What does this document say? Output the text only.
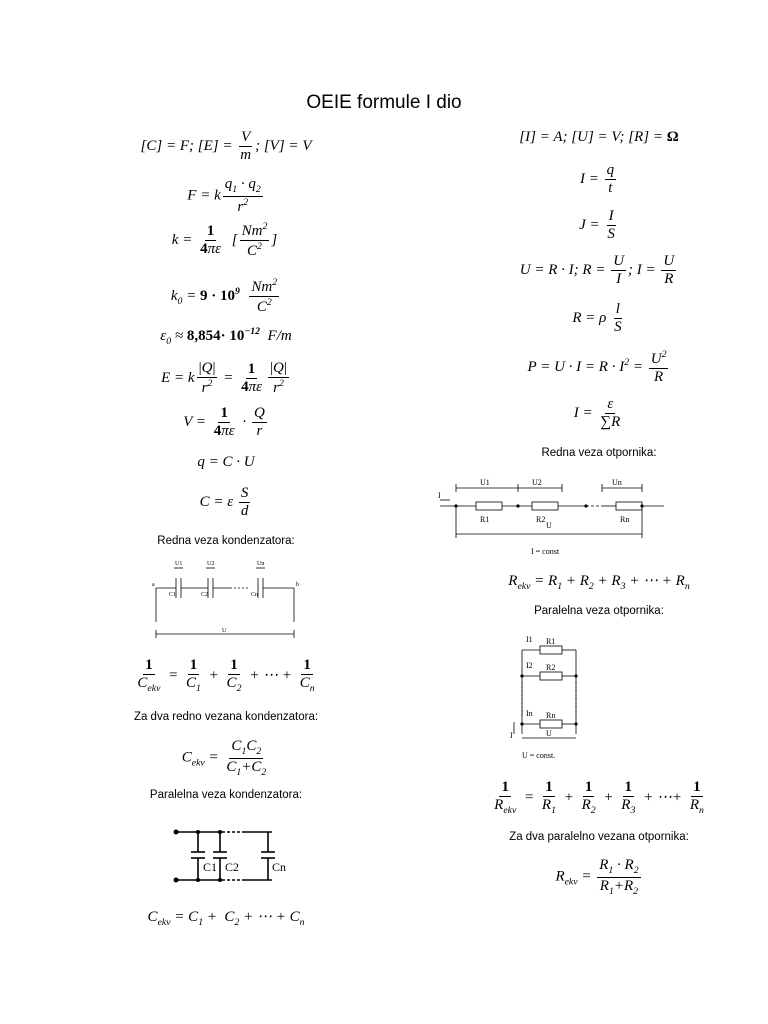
OEIE formule I dio
[C] = F; $[E] = \frac{V}{m}$ ; [V] = V
F = k $\frac{q_1 \cdot q_2}{r^2}$
$k = \frac{1}{4\pi\varepsilon}$ [ $\frac{Nm^2}{C^2}$ ]
$k_0 = 9 \cdot 10^9 \frac{Nm^2}{C^2}$
$\varepsilon_0 \approx 8,854\cdot 10^{-12}$ F/m
E = k $\frac{|Q|}{r^2} = \frac{1}{4\pi\varepsilon} \frac{|Q|}{r^2}$
$V = \frac{1}{4\pi\varepsilon} \cdot \frac{Q}{r}$
q = C · U
C = ε $\frac{S}{d}$
Redna veza kondenzatora:
a	b
U1	U2	Un
C1	C2	Cn
U
$\frac{1}{C_{ekv}} = \frac{1}{C_1} + \frac{1}{C_2}$ + ⋯ + $\frac{1}{C_n}$
Za dva redno vezana kondenzatora:
$C_{ekv} = \frac{C_1C_2}{C_1+C_2}$
Paralelna veza kondenzatora:
C1 C2	Cn
$C_{ekv} = C_1 + C_2$ + ⋯ + $C_n$
[I] = A; [U] = V; [R] = Ω
$I = \frac{q}{t}$
$J = \frac{I}{S}$
U = R · I; $R = \frac{U}{I}$ ; $I = \frac{U}{R}$
R = ρ $\frac{l}{S}$
$P = U \cdot I = R \cdot I^2 = \frac{U^2}{R}$
$I = \frac{\varepsilon}{\sum R}$
Redna veza otpornika:
I
U1	U2	Un
R1	R2	Rn
U
I = const
$R_{ekv} = R_1 + R_2 + R_3$ + ⋯ + $R_n$
Paralelna veza otpornika:
I1 R1
I2 R2
In Rn
I	U
U = const.
$\frac{1}{R_{ekv}} = \frac{1}{R_1} + \frac{1}{R_2} + \frac{1}{R_3}$ + ⋯+ $\frac{1}{R_n}$
Za dva paralelno vezana otpornika:
$R_{ekv} = \frac{R_1 \cdot R_2}{R_1+R_2}$
